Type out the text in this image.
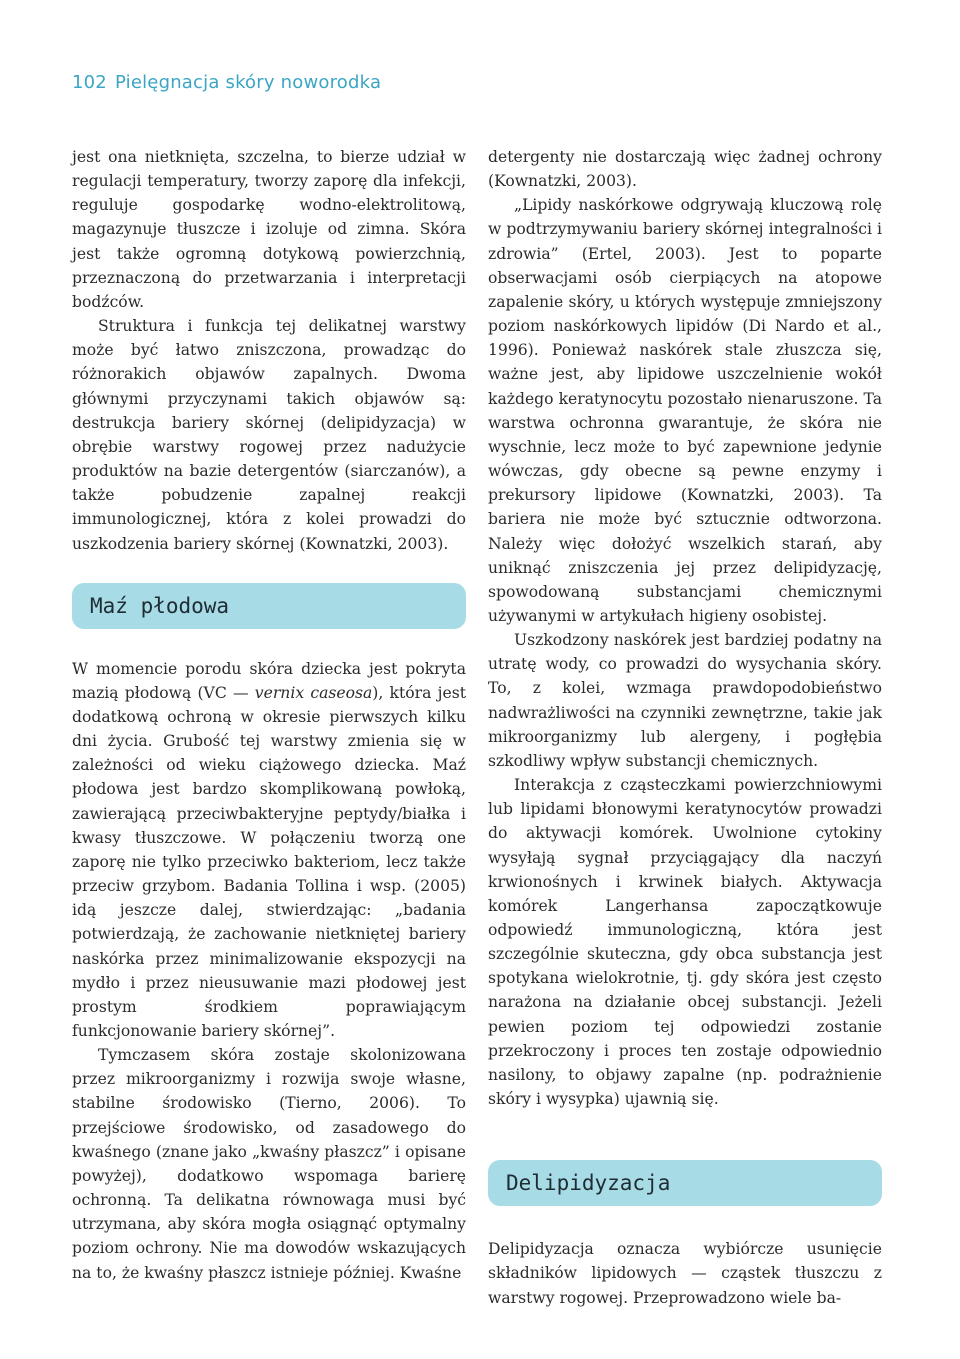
102 Pielęgnacja skóry noworodka

jest ona nietknięta, szczelna, to bierze udział w regulacji temperatury, tworzy zaporę dla infekcji, reguluje gospodarkę wodno-elektrolitową, magazynuje tłuszcze i izoluje od zimna. Skóra jest także ogromną dotykową powierzchnią, przeznaczoną do przetwarzania i interpretacji bodźców.

Struktura i funkcja tej delikatnej warstwy może być łatwo zniszczona, prowadząc do różnorakich objawów zapalnych. Dwoma głównymi przyczynami takich objawów są: destrukcja bariery skórnej (delipidyzacja) w obrębie warstwy rogowej przez nadużycie produktów na bazie detergentów (siarczanów), a także pobudzenie zapalnej reakcji immunologicznej, która z kolei prowadzi do uszkodzenia bariery skórnej (Kownatzki, 2003).

Maź płodowa

W momencie porodu skóra dziecka jest pokryta mazią płodową (VC — vernix caseosa), która jest dodatkową ochroną w okresie pierwszych kilku dni życia. Grubość tej warstwy zmienia się w zależności od wieku ciążowego dziecka. Maź płodowa jest bardzo skomplikowaną powłoką, zawierającą przeciwbakteryjne peptydy/białka i kwasy tłuszczowe. W połączeniu tworzą one zaporę nie tylko przeciwko bakteriom, lecz także przeciw grzybom. Badania Tollina i wsp. (2005) idą jeszcze dalej, stwierdzając: „badania potwierdzają, że zachowanie nietkniętej bariery naskórka przez minimalizowanie ekspozycji na mydło i przez nieusuwanie mazi płodowej jest prostym środkiem poprawiającym funkcjonowanie bariery skórnej”.

Tymczasem skóra zostaje skolonizowana przez mikroorganizmy i rozwija swoje własne, stabilne środowisko (Tierno, 2006). To przejściowe środowisko, od zasadowego do kwaśnego (znane jako „kwaśny płaszcz” i opisane powyżej), dodatkowo wspomaga barierę ochronną. Ta delikatna równowaga musi być utrzymana, aby skóra mogła osiągnąć optymalny poziom ochrony. Nie ma dowodów wskazujących na to, że kwaśny płaszcz istnieje później. Kwaśne

detergenty nie dostarczają więc żadnej ochrony (Kownatzki, 2003).

„Lipidy naskórkowe odgrywają kluczową rolę w podtrzymywaniu bariery skórnej integralności i zdrowia” (Ertel, 2003). Jest to poparte obserwacjami osób cierpiących na atopowe zapalenie skóry, u których występuje zmniejszony poziom naskórkowych lipidów (Di Nardo et al., 1996). Ponieważ naskórek stale złuszcza się, ważne jest, aby lipidowe uszczelnienie wokół każdego keratynocytu pozostało nienaruszone. Ta warstwa ochronna gwarantuje, że skóra nie wyschnie, lecz może to być zapewnione jedynie wówczas, gdy obecne są pewne enzymy i prekursory lipidowe (Kownatzki, 2003). Ta bariera nie może być sztucznie odtworzona. Należy więc dołożyć wszelkich starań, aby uniknąć zniszczenia jej przez delipidyzację, spowodowaną substancjami chemicznymi używanymi w artykułach higieny osobistej.

Uszkodzony naskórek jest bardziej podatny na utratę wody, co prowadzi do wysychania skóry. To, z kolei, wzmaga prawdopodobieństwo nadwrażliwości na czynniki zewnętrzne, takie jak mikroorganizmy lub alergeny, i pogłębia szkodliwy wpływ substancji chemicznych.

Interakcja z cząsteczkami powierzchniowymi lub lipidami błonowymi keratynocytów prowadzi do aktywacji komórek. Uwolnione cytokiny wysyłają sygnał przyciągający dla naczyń krwionośnych i krwinek białych. Aktywacja komórek Langerhansa zapoczątkowuje odpowiedź immunologiczną, która jest szczególnie skuteczna, gdy obca substancja jest spotykana wielokrotnie, tj. gdy skóra jest często narażona na działanie obcej substancji. Jeżeli pewien poziom tej odpowiedzi zostanie przekroczony i proces ten zostaje odpowiednio nasilony, to objawy zapalne (np. podrażnienie skóry i wysypka) ujawnią się.

Delipidyzacja

Delipidyzacja oznacza wybiórcze usunięcie składników lipidowych — cząstek tłuszczu z warstwy rogowej. Przeprowadzono wiele ba-
